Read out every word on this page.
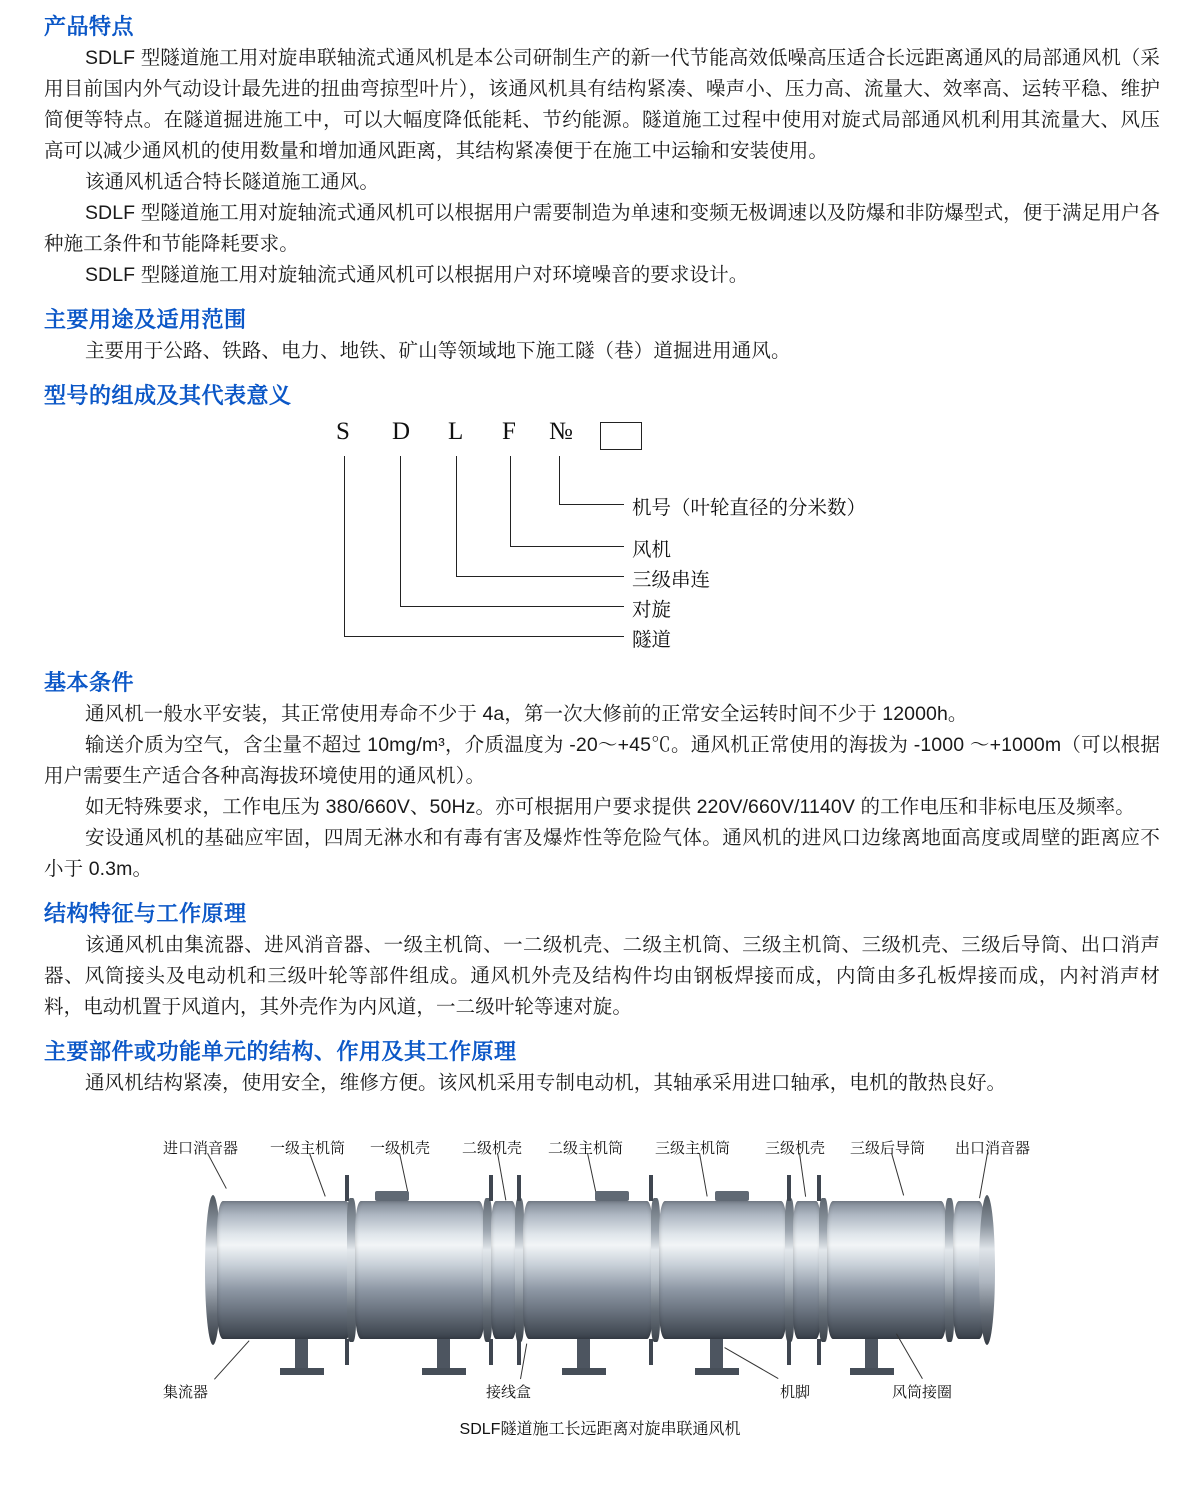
产品特点

SDLF 型隧道施工用对旋串联轴流式通风机是本公司研制生产的新一代节能高效低噪高压适合长远距离通风的局部通风机（采用目前国内外气动设计最先进的扭曲弯掠型叶片），该通风机具有结构紧凑、噪声小、压力高、流量大、效率高、运转平稳、维护简便等特点。在隧道掘进施工中，可以大幅度降低能耗、节约能源。隧道施工过程中使用对旋式局部通风机利用其流量大、风压高可以减少通风机的使用数量和增加通风距离，其结构紧凑便于在施工中运输和安装使用。

该通风机适合特长隧道施工通风。

SDLF 型隧道施工用对旋轴流式通风机可以根据用户需要制造为单速和变频无极调速以及防爆和非防爆型式，便于满足用户各种施工条件和节能降耗要求。

SDLF 型隧道施工用对旋轴流式通风机可以根据用户对环境噪音的要求设计。

主要用途及适用范围

主要用于公路、铁路、电力、地铁、矿山等领域地下施工隧（巷）道掘进用通风。

型号的组成及其代表意义
S D L F №
机号（叶轮直径的分米数）
风机
三级串连
对旋
隧道
基本条件

通风机一般水平安装，其正常使用寿命不少于 4a，第一次大修前的正常安全运转时间不少于 12000h。

输送介质为空气，含尘量不超过 10mg/m³，介质温度为 -20～+45℃。通风机正常使用的海拔为 -1000 ～+1000m（可以根据用户需要生产适合各种高海拔环境使用的通风机）。

如无特殊要求，工作电压为 380/660V、50Hz。亦可根据用户要求提供 220V/660V/1140V 的工作电压和非标电压及频率。

安设通风机的基础应牢固，四周无淋水和有毒有害及爆炸性等危险气体。通风机的进风口边缘离地面高度或周壁的距离应不小于 0.3m。

结构特征与工作原理

该通风机由集流器、进风消音器、一级主机筒、一二级机壳、二级主机筒、三级主机筒、三级机壳、三级后导筒、出口消声器、风筒接头及电动机和三级叶轮等部件组成。通风机外壳及结构件均由钢板焊接而成，内筒由多孔板焊接而成，内衬消声材料，电动机置于风道内，其外壳作为内风道，一二级叶轮等速对旋。

主要部件或功能单元的结构、作用及其工作原理

通风机结构紧凑，使用安全，维修方便。该风机采用专制电动机，其轴承采用进口轴承，电机的散热良好。

进口消音器 一级主机筒 一级机壳 二级机壳 二级主机筒 三级主机筒 三级机壳 三级后导筒 出口消音器
集流器	接线盒	机脚	风筒接圈
SDLF隧道施工长远距离对旋串联通风机
